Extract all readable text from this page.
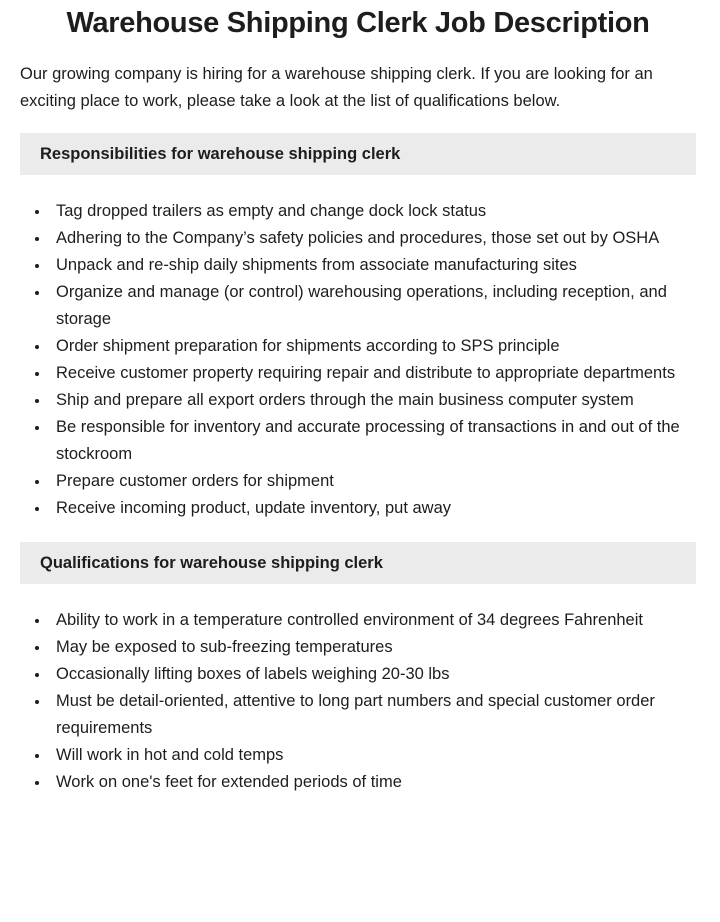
Warehouse Shipping Clerk Job Description

Our growing company is hiring for a warehouse shipping clerk. If you are looking for an exciting place to work, please take a look at the list of qualifications below.

Responsibilities for warehouse shipping clerk
• Tag dropped trailers as empty and change dock lock status
• Adhering to the Company’s safety policies and procedures, those set out by OSHA
• Unpack and re-ship daily shipments from associate manufacturing sites
• Organize and manage (or control) warehousing operations, including reception, and storage
• Order shipment preparation for shipments according to SPS principle
• Receive customer property requiring repair and distribute to appropriate departments
• Ship and prepare all export orders through the main business computer system
• Be responsible for inventory and accurate processing of transactions in and out of the stockroom
• Prepare customer orders for shipment
• Receive incoming product, update inventory, put away
Qualifications for warehouse shipping clerk
• Ability to work in a temperature controlled environment of 34 degrees Fahrenheit
• May be exposed to sub-freezing temperatures
• Occasionally lifting boxes of labels weighing 20-30 lbs
• Must be detail-oriented, attentive to long part numbers and special customer order requirements
• Will work in hot and cold temps
• Work on one's feet for extended periods of time
